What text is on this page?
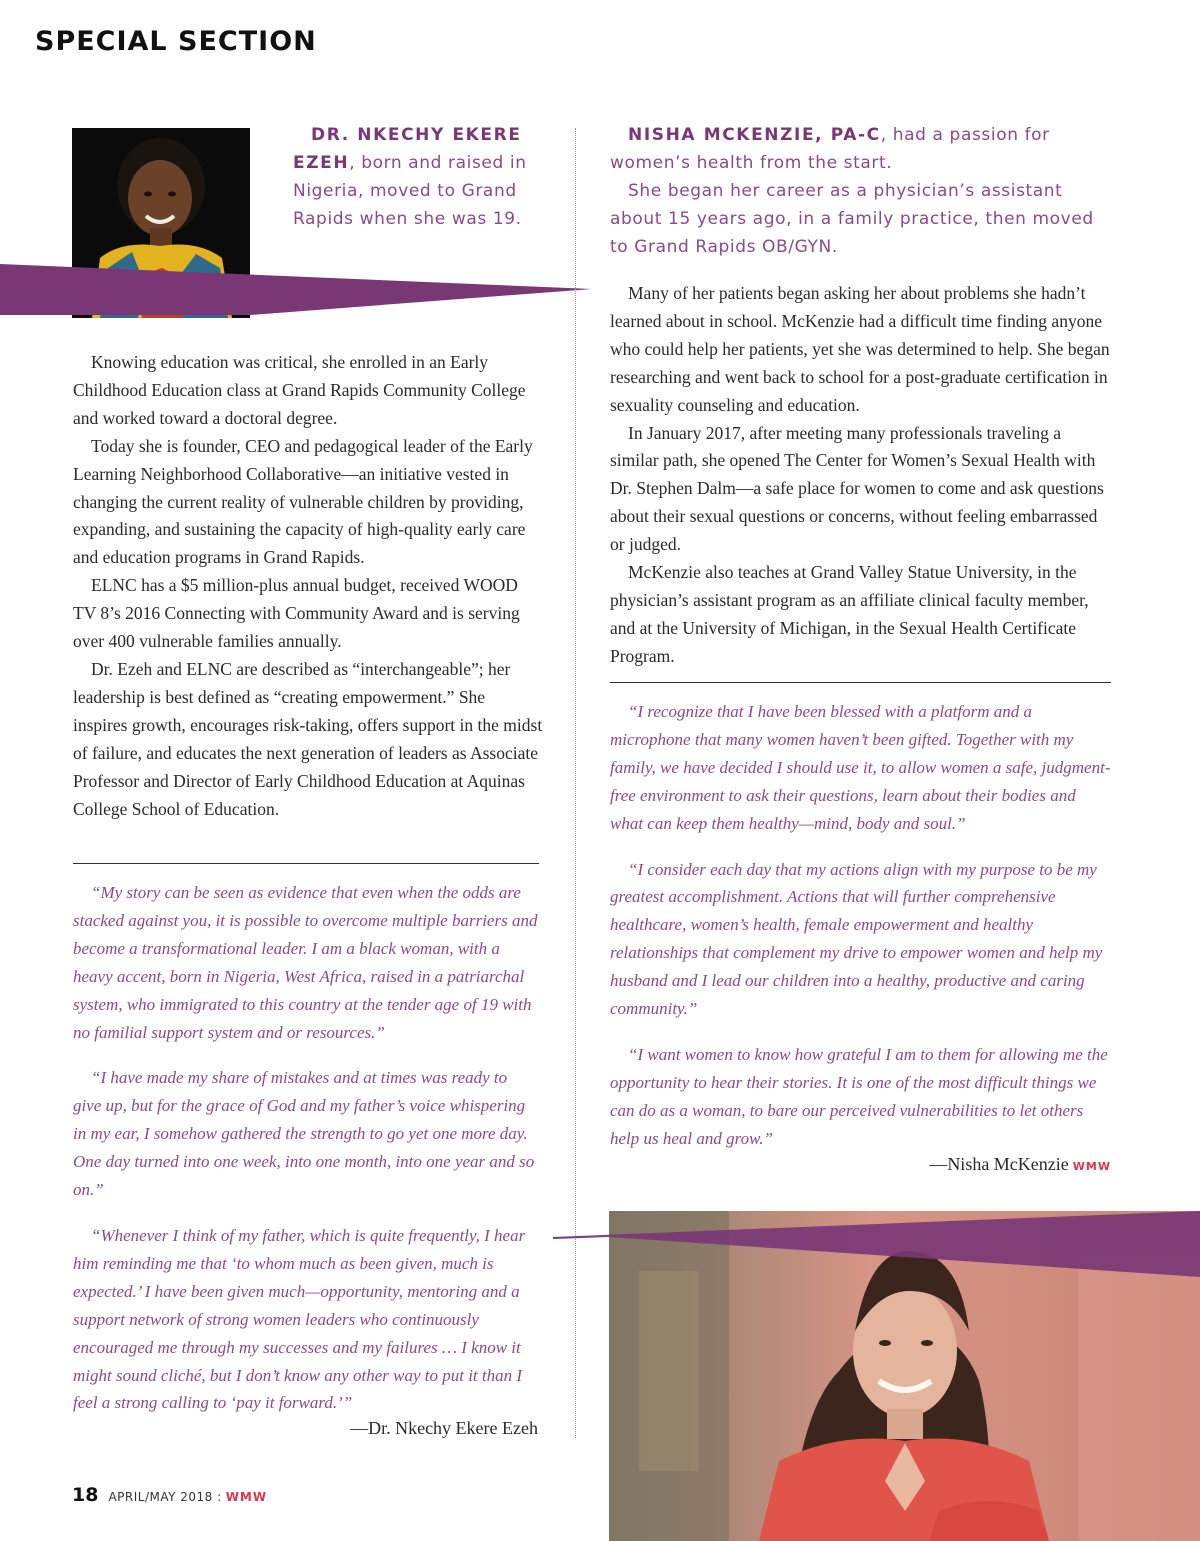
SPECIAL SECTION

DR. NKECHY EKERE EZEH, born and raised in Nigeria, moved to Grand Rapids when she was 19.

Knowing education was critical, she enrolled in an Early Childhood Education class at Grand Rapids Community College and worked toward a doctoral degree.

Today she is founder, CEO and pedagogical leader of the Early Learning Neighborhood Collaborative—an initiative vested in changing the current reality of vulnerable children by providing, expanding, and sustaining the capacity of high-quality early care and education programs in Grand Rapids.

ELNC has a $5 million-plus annual budget, received WOOD TV 8’s 2016 Connecting with Community Award and is serving over 400 vulnerable families annually.

Dr. Ezeh and ELNC are described as “interchangeable”; her leadership is best defined as “creating empowerment.” She inspires growth, encourages risk-taking, offers support in the midst of failure, and educates the next generation of leaders as Associate Professor and Director of Early Childhood Education at Aquinas College School of Education.

“My story can be seen as evidence that even when the odds are stacked against you, it is possible to overcome multiple barriers and become a transformational leader. I am a black woman, with a heavy accent, born in Nigeria, West Africa, raised in a patriarchal system, who immigrated to this country at the tender age of 19 with no familial support system and or resources.”

“I have made my share of mistakes and at times was ready to give up, but for the grace of God and my father’s voice whispering in my ear, I somehow gathered the strength to go yet one more day. One day turned into one week, into one month, into one year and so on.”

“Whenever I think of my father, which is quite frequently, I hear him reminding me that ‘to whom much as been given, much is expected.’ I have been given much—opportunity, mentoring and a support network of strong women leaders who continuously encouraged me through my successes and my failures … I know it might sound cliché, but I don’t know any other way to put it than I feel a strong calling to ‘pay it forward.’”

—Dr. Nkechy Ekere Ezeh

NISHA MCKENZIE, PA-C, had a passion for women’s health from the start.

She began her career as a physician’s assistant about 15 years ago, in a family practice, then moved to Grand Rapids OB/GYN.

Many of her patients began asking her about problems she hadn’t learned about in school. McKenzie had a difficult time finding anyone who could help her patients, yet she was determined to help. She began researching and went back to school for a post-graduate certification in sexuality counseling and education.

In January 2017, after meeting many professionals traveling a similar path, she opened The Center for Women’s Sexual Health with Dr. Stephen Dalm—a safe place for women to come and ask questions about their sexual questions or concerns, without feeling embarrassed or judged.

McKenzie also teaches at Grand Valley Statue University, in the physician’s assistant program as an affiliate clinical faculty member, and at the University of Michigan, in the Sexual Health Certificate Program.

“I recognize that I have been blessed with a platform and a microphone that many women haven’t been gifted. Together with my family, we have decided I should use it, to allow women a safe, judgment-free environment to ask their questions, learn about their bodies and what can keep them healthy—mind, body and soul.”

“I consider each day that my actions align with my purpose to be my greatest accomplishment. Actions that will further comprehensive healthcare, women’s health, female empowerment and healthy relationships that complement my drive to empower women and help my husband and I lead our children into a healthy, productive and caring community.”

“I want women to know how grateful I am to them for allowing me the opportunity to hear their stories. It is one of the most difficult things we can do as a woman, to bare our perceived vulnerabilities to let others help us heal and grow.”

—Nisha McKenzie WMW
18 APRIL/MAY 2018 : WMW
